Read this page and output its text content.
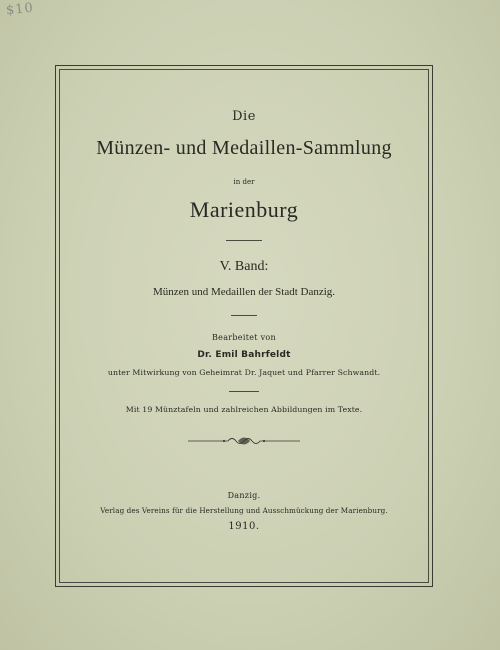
$10
Die
Münzen- und Medaillen-Sammlung
in der
Marienburg
V. Band:
Münzen und Medaillen der Stadt Danzig.
Bearbeitet von
Dr. Emil Bahrfeldt
unter Mitwirkung von Geheimrat Dr. Jaquet und Pfarrer Schwandt.
Mit 19 Münztafeln und zahlreichen Abbildungen im Texte.
Danzig.
Verlag des Vereins für die Herstellung und Ausschmückung der Marienburg.
1910.
